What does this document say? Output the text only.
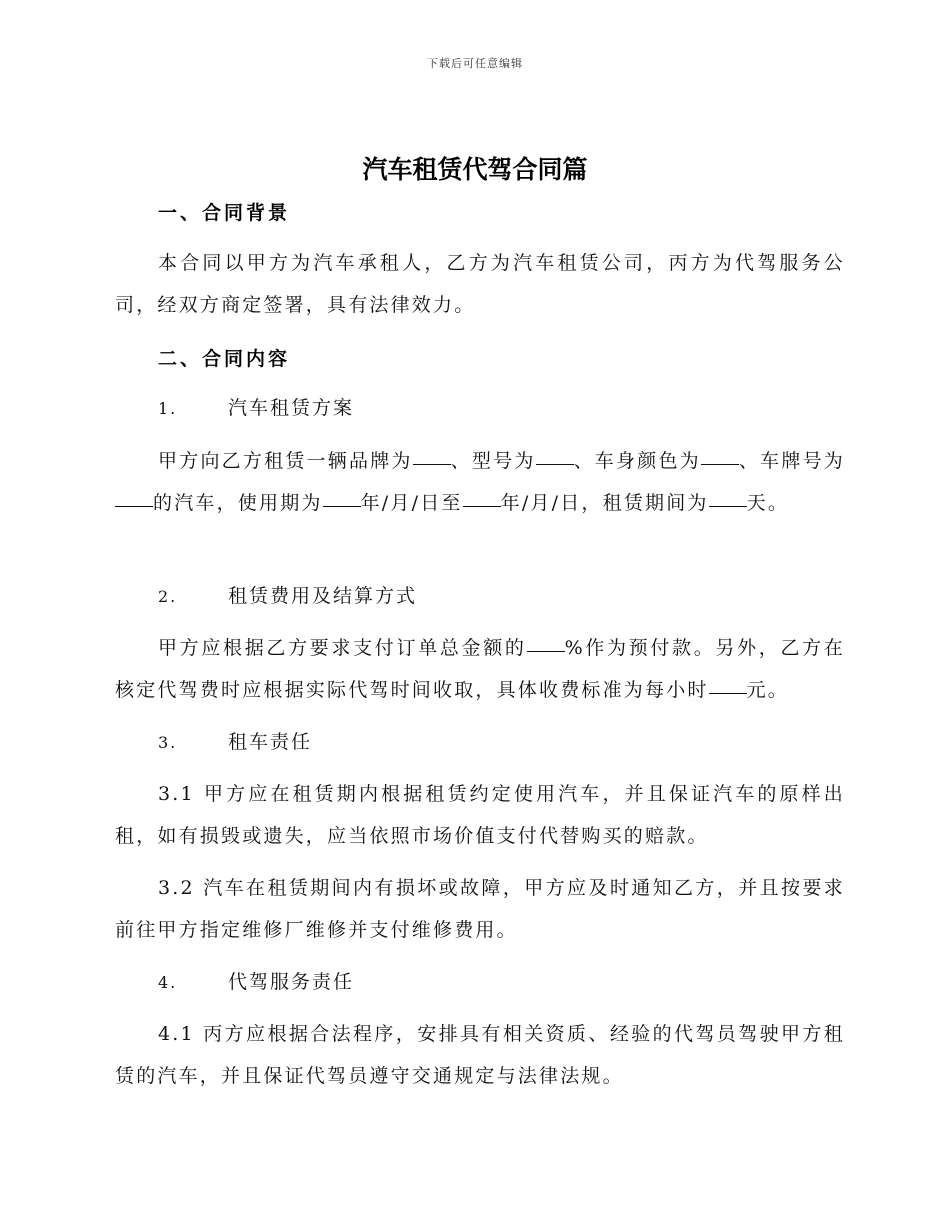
下载后可任意编辑
汽车租赁代驾合同篇
一、合同背景
本合同以甲方为汽车承租人，乙方为汽车租赁公司，丙方为代驾服务公司，经双方商定签署，具有法律效力。
二、合同内容
1.	汽车租赁方案
甲方向乙方租赁一辆品牌为 、型号为 、车身颜色为 、车牌号为的汽车，使用期为 年/月/日至 年/月/日，租赁期间为 天。
2.	租赁费用及结算方式
甲方应根据乙方要求支付订单总金额的 %作为预付款。另外，乙方在核定代驾费时应根据实际代驾时间收取，具体收费标准为每小时 元。
3.	租车责任
3.1 甲方应在租赁期内根据租赁约定使用汽车，并且保证汽车的原样出租，如有损毁或遗失，应当依照市场价值支付代替购买的赔款。
3.2 汽车在租赁期间内有损坏或故障，甲方应及时通知乙方，并且按要求前往甲方指定维修厂维修并支付维修费用。
4.	代驾服务责任
4.1 丙方应根据合法程序，安排具有相关资质、经验的代驾员驾驶甲方租赁的汽车，并且保证代驾员遵守交通规定与法律法规。
